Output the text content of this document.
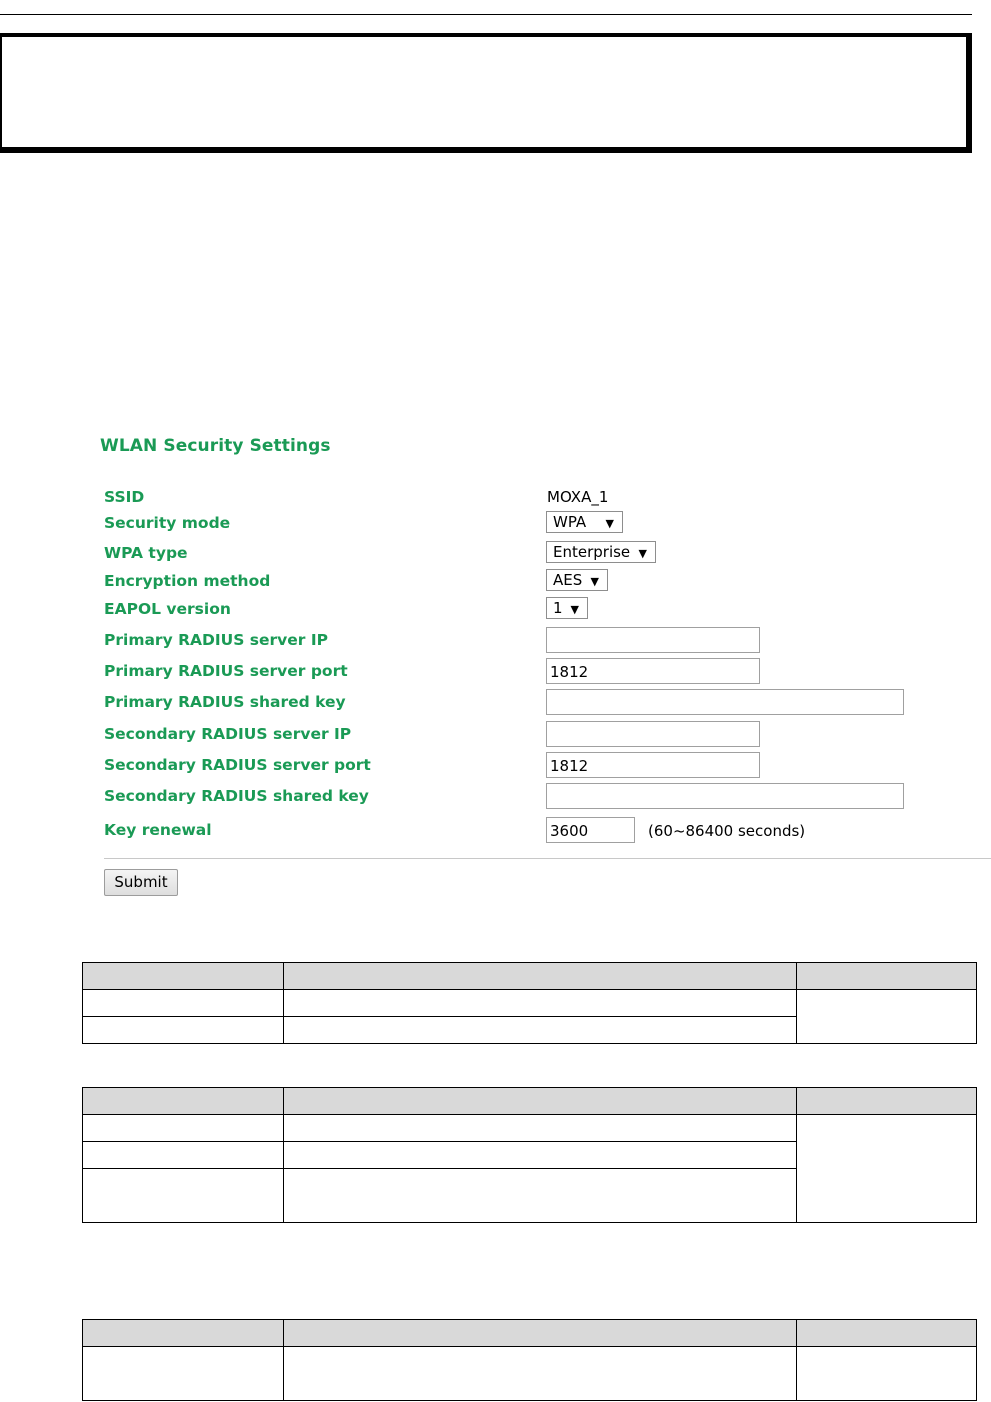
WLAN Security Settings
SSID	MOXA_1
Security mode	WPA ▼
WPA type	Enterprise ▼
Encryption method	AES ▼
EAPOL version	1 ▼
Primary RADIUS server IP
Primary RADIUS server port	1812
Primary RADIUS shared key
Secondary RADIUS server IP
Secondary RADIUS server port	1812
Secondary RADIUS shared key
Key renewal	3600	(60~86400 seconds)
Submit
